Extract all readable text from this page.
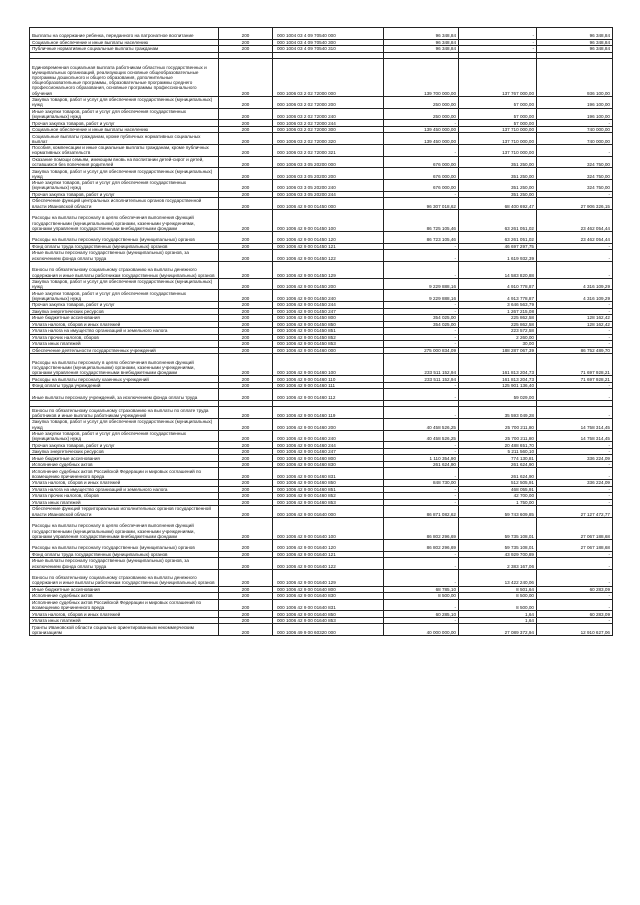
Выплаты на содержание ребенка, переданного на патронатное воспитание	200	000 1004 03 4 09 70540 000	96 348,84	-	96 348,84
Социальное обеспечение и иные выплаты населению	200	000 1004 03 4 09 70540 300	96 348,84	-	96 348,84
Публичные нормативные социальные выплаты гражданам	200	000 1004 03 4 09 70540 310	96 348,84	-	96 348,84

Единовременная социальная выплата работникам областных государственных и муниципальных организаций, реализующих основные общеобразовательные программы дошкольного и общего образования, дополнительные общеобразовательные программы, образовательные программы среднего профессионального образования, основные программы профессионального обучения	200	000 1006 03 2 02 72000 000	139 700 000,00	137 767 000,00	936 100,00
Закупка товаров, работ и услуг для обеспечения государственных (муниципальных) нужд	200	000 1006 03 2 02 72000 200	250 000,00	57 000,00	196 100,00
Иные закупки товаров, работ и услуг для обеспечения государственных (муниципальных) нужд	200	000 1006 03 2 02 72000 240	250 000,00	57 000,00	196 100,00
Прочая закупка товаров, работ и услуг	200	000 1006 03 2 02 72000 244	-	57 000,00	-
Социальное обеспечение и иные выплаты населению	200	000 1006 03 2 02 72000 300	139 450 000,00	137 710 000,00	740 000,00
Социальные выплаты гражданам, кроме публичных нормативных социальных выплат	200	000 1006 03 2 02 72000 320	139 450 000,00	137 710 000,00	740 000,00
Пособия, компенсации и иные социальные выплаты гражданам, кроме публичных нормативных обязательств	200	000 1006 03 2 02 72000 321	-	137 710 000,00	-
Оказание помощи семьям, имеющим вновь на воспитании детей-сирот и детей, оставшихся без попечения родителей	200	000 1006 03 3 05 20200 000	676 000,00	351 250,00	324 750,00
Закупка товаров, работ и услуг для обеспечения государственных (муниципальных) нужд	200	000 1006 03 3 05 20200 200	676 000,00	351 250,00	324 750,00
Иные закупки товаров, работ и услуг для обеспечения государственных (муниципальных) нужд	200	000 1006 03 3 05 20200 240	676 000,00	351 250,00	324 750,00
Прочая закупка товаров, работ и услуг	200	000 1006 03 3 05 20200 244	-	351 250,00	-
Обеспечение функций центральных исполнительных органов государственной власти Ивановской области	200	000 1006 42 9 00 01450 000	96 307 018,62	68 400 692,47	27 906 326,15
Расходы на выплаты персоналу в целях обеспечения выполнения функций государственными (муниципальными) органами, казенными учреждениями, органами управления государственными внебюджетными фондами	200	000 1006 42 9 00 01450 100	86 725 105,46	63 261 051,02	23 462 054,44
Расходы на выплаты персоналу государственных (муниципальных) органов	200	000 1006 42 9 00 01450 120	86 723 105,46	63 261 051,02	23 462 054,44
Фонд оплаты труда государственных (муниципальных) органов	200	000 1006 42 9 00 01450 121	-	46 697 297,75	-
Иные выплаты персоналу государственных (муниципальных) органов, за исключением фонда оплаты труда	200	000 1006 42 9 00 01450 122	-	1 619 932,39	-
Взносы по обязательному социальному страхованию на выплаты денежного содержания и иные выплаты работникам государственных (муниципальных) органов	200	000 1006 42 9 00 01450 129	-	14 583 820,88	-
Закупка товаров, работ и услуг для обеспечения государственных (муниципальных) нужд	200	000 1006 42 9 00 01450 200	9 229 888,16	4 910 778,87	4 316 109,29
Иные закупки товаров, работ и услуг для обеспечения государственных (муниципальных) нужд	200	000 1006 42 9 00 01450 240	9 229 888,16	4 913 778,87	4 316 109,29
Прочая закупка товаров, работ и услуг	200	000 1006 42 9 00 01450 244	-	3 646 563,79	-
Закупка энергетических ресурсов	200	000 1006 42 9 00 01450 247	-	1 267 215,08	-
Иные бюджетные ассигнования	200	000 1006 42 9 00 01450 800	354 025,00	225 862,58	128 162,42
Уплата налогов, сборов и иных платежей	200	000 1006 42 9 00 01450 850	354 025,00	225 862,58	128 162,42
Уплата налога на имущество организаций и земельного налога	200	000 1006 42 9 00 01450 851	-	223 572,58	-
Уплата прочих налогов, сборов	200	000 1006 42 9 00 01450 852	-	2 260,00	-
Уплата иных платежей	200	000 1006 42 9 00 01450 853	-	30,00	-
Обеспечение деятельности государственных учреждений	200	000 1006 42 9 00 01460 000	275 000 834,09	188 287 067,39	86 752 489,70
Расходы на выплаты персоналу в целях обеспечения выполнения функций государственными (муниципальными) органами, казенными учреждениями, органами управления государственными внебюджетными фондами	200	000 1006 42 9 00 01460 100	233 511 152,94	161 813 204,73	71 697 928,21
Расходы на выплаты персоналу казенных учреждений	200	000 1006 42 9 00 01460 110	233 511 152,94	161 813 204,73	71 697 928,21
Фонд оплаты труда учреждений	200	000 1006 42 9 00 01460 111	-	125 901 136,40	-
Иные выплаты персоналу учреждений, за исключением фонда оплаты труда	200	000 1006 42 9 00 01460 112	-	59 029,00	-

Взносы по обязательному социальному страхованию на выплаты по оплате труда работников и иные выплаты работникам учреждений	200	000 1006 42 9 00 01460 119	-	35 593 049,28	-
Закупка товаров, работ и услуг для обеспечения государственных (муниципальных) нужд	200	000 1006 42 9 00 01460 200	40 458 526,25	25 700 211,80	14 758 314,45
Иные закупки товаров, работ и услуг для обеспечения государственных (муниципальных) нужд	200	000 1006 42 9 00 01460 240	40 458 526,25	25 700 211,80	14 758 314,45
Прочая закупка товаров, работ и услуг	200	000 1006 42 9 00 01460 244	-	20 488 651,70	-
Закупка энергетических ресурсов	200	000 1006 42 9 00 01460 247	-	5 211 560,10	-
Иные бюджетные ассигнования	200	000 1006 42 9 00 01460 800	1 110 354,90	774 130,81	336 224,09
Исполнение судебных актов	200	000 1006 42 9 00 01460 830	261 624,90	261 624,90	-
Исполнение судебных актов Российской Федерации и мировых соглашений по возмещению причиненного вреда	200	000 1006 42 9 00 01460 831	-	261 624,90	-
Уплата налогов, сборов и иных платежей	200	000 1006 42 9 00 01460 850	848 730,00	512 505,91	336 224,09
Уплата налога на имущество организаций и земельного налога	200	000 1006 42 9 00 01460 851	-	468 055,91	-
Уплата прочих налогов, сборов	200	000 1006 42 9 00 01460 852	-	42 700,00	-
Уплата иных платежей	200	000 1006 42 9 00 01460 853	-	1 750,00	-
Обеспечение функций территориальных исполнительных органов государственной власти Ивановской области	200	000 1006 42 9 00 01640 000	86 871 082,62	59 743 609,85	27 127 472,77
Расходы на выплаты персоналу в целях обеспечения выполнения функций государственными (муниципальными) органами, казенными учреждениями, органами управления государственными внебюджетными фондами	200	000 1006 42 9 00 01640 100	86 802 296,69	59 735 108,01	27 067 188,68
Расходы на выплаты персоналу государственных (муниципальных) органов	200	000 1006 42 9 00 01640 120	86 802 296,69	59 735 108,01	27 067 188,68
Фонд оплаты труда государственных (муниципальных) органов	200	000 1006 42 9 00 01640 121	-	43 929 700,89	-
Иные выплаты персоналу государственных (муниципальных) органов, за исключением фонда оплаты труда	200	000 1006 42 9 00 01640 122	-	2 383 167,06	-
Взносы по обязательному социальному страхованию на выплаты денежного содержания и иные выплаты работникам государственных (муниципальных) органов	200	000 1006 42 9 00 01640 129	-	13 422 240,06	-
Иные бюджетные ассигнования	200	000 1006 42 9 00 01640 800	68 785,10	8 501,64	60 283,09
Исполнение судебных актов	200	000 1006 42 9 00 01640 830	8 500,00	8 500,00	-
Исполнение судебных актов Российской Федерации и мировых соглашений по возмещению причиненного вреда	200	000 1006 42 9 00 01640 831	-	8 500,00	-
Уплата налогов, сборов и иных платежей	200	000 1006 42 9 00 01640 850	60 285,10	1,64	60 283,09
Уплата иных платежей	200	000 1006 42 9 00 01640 853	-	1,64	-
Гранты Ивановской области социально ориентированным некоммерческим организациям	200	000 1006 49 9 00 60320 000	40 000 000,00	27 089 372,94	12 910 627,06
